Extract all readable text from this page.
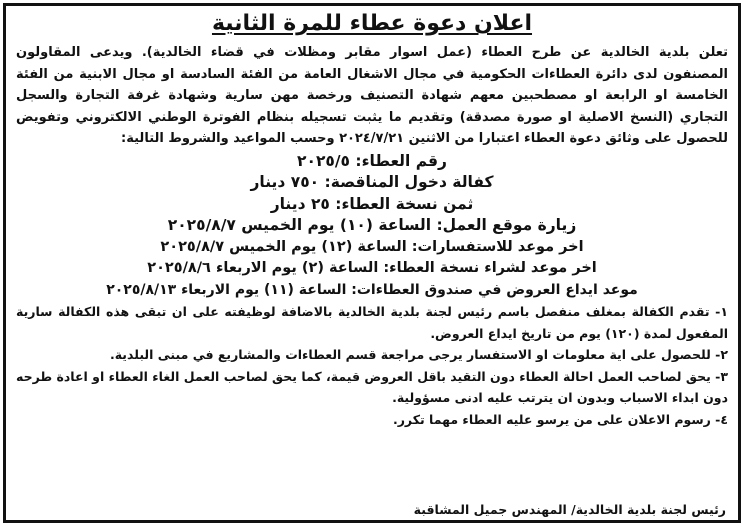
اعلان دعوة عطاء للمرة الثانية
تعلن بلدية الخالدية عن طرح العطاء (عمل اسوار مقابر ومظلات في قضاء الخالدية). ويدعى المقاولون المصنفون لدى دائرة العطاءات الحكومية في مجال الاشغال العامة من الفئة السادسة او مجال الابنية من الفئة الخامسة او الرابعة او مصطحبين معهم شهادة التصنيف ورخصة مهن سارية وشهادة غرفة التجارة والسجل التجاري (النسخ الاصلية او صورة مصدقة) وتقديم ما يثبت تسجيله بنظام الفوترة الوطني الالكتروني وتفويض للحصول على وثائق دعوة العطاء اعتبارا من الاثنين ٢٠٢٤/٧/٢١ وحسب المواعيد والشروط التالية:
رقم العطاء: ٢٠٢٥/٥
كفالة دخول المناقصة: ٧٥٠ دينار
ثمن نسخة العطاء: ٢٥ دينار
زيارة موقع العمل: الساعة (١٠) يوم الخميس ٢٠٢٥/٨/٧
اخر موعد للاستفسارات: الساعة (١٢) يوم الخميس ٢٠٢٥/٨/٧
اخر موعد لشراء نسخة العطاء: الساعة (٢) يوم الاربعاء ٢٠٢٥/٨/٦
موعد ايداع العروض في صندوق العطاءات: الساعة (١١) يوم الاربعاء ٢٠٢٥/٨/١٣

١- تقدم الكفالة بمغلف منفصل باسم رئيس لجنة بلدية الخالدية بالاضافة لوظيفته على ان تبقى هذه الكفالة سارية المفعول لمدة (١٢٠) يوم من تاريخ ايداع العروض.

٢- للحصول على اية معلومات او الاستفسار يرجى مراجعة قسم العطاءات والمشاريع في مبنى البلدية.

٣- يحق لصاحب العمل احالة العطاء دون التقيد باقل العروض قيمة، كما يحق لصاحب العمل الغاء العطاء او اعادة طرحه دون ابداء الاسباب وبدون ان يترتب عليه ادنى مسؤولية.

٤- رسوم الاعلان على من يرسو عليه العطاء مهما تكرر.

رئيس لجنة بلدية الخالدية/ المهندس جميل المشاقبة
